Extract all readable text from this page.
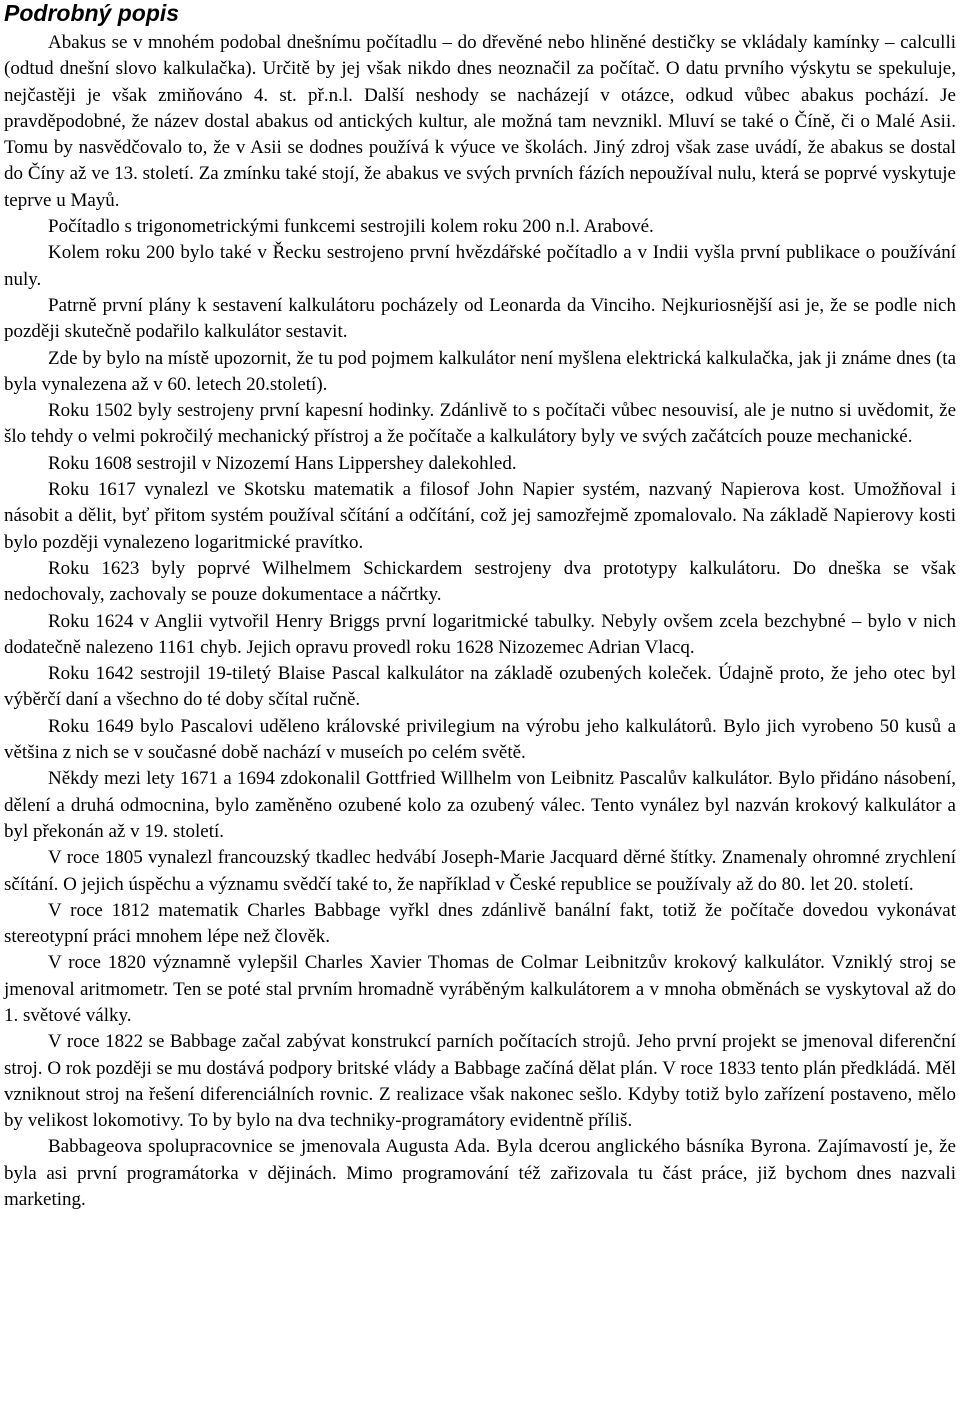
Podrobný popis

Abakus se v mnohém podobal dnešnímu počítadlu – do dřevěné nebo hliněné destičky se vkládaly kamínky – calculli (odtud dnešní slovo kalkulačka). Určitě by jej však nikdo dnes neoznačil za počítač. O datu prvního výskytu se spekuluje, nejčastěji je však zmiňováno 4. st. př.n.l. Další neshody se nacházejí v otázce, odkud vůbec abakus pochází. Je pravděpodobné, že název dostal abakus od antických kultur, ale možná tam nevznikl. Mluví se také o Číně, či o Malé Asii. Tomu by nasvědčovalo to, že v Asii se dodnes používá k výuce ve školách. Jiný zdroj však zase uvádí, že abakus se dostal do Číny až ve 13. století. Za zmínku také stojí, že abakus ve svých prvních fázích nepoužíval nulu, která se poprvé vyskytuje teprve u Mayů.

Počítadlo s trigonometrickými funkcemi sestrojili kolem roku 200 n.l. Arabové.

Kolem roku 200 bylo také v Řecku sestrojeno první hvězdářské počítadlo a v Indii vyšla první publikace o používání nuly.

Patrně první plány k sestavení kalkulátoru pocházely od Leonarda da Vinciho. Nejkuriosnější asi je, že se podle nich později skutečně podařilo kalkulátor sestavit.

Zde by bylo na místě upozornit, že tu pod pojmem kalkulátor není myšlena elektrická kalkulačka, jak ji známe dnes (ta byla vynalezena až v 60. letech 20.století).

Roku 1502 byly sestrojeny první kapesní hodinky. Zdánlivě to s počítači vůbec nesouvisí, ale je nutno si uvědomit, že šlo tehdy o velmi pokročilý mechanický přístroj a že počítače a kalkulátory byly ve svých začátcích pouze mechanické.

Roku 1608 sestrojil v Nizozemí Hans Lippershey dalekohled.

Roku 1617 vynalezl ve Skotsku matematik a filosof John Napier systém, nazvaný Napierova kost. Umožňoval i násobit a dělit, byť přitom systém používal sčítání a odčítání, což jej samozřejmě zpomalovalo. Na základě Napierovy kosti bylo později vynalezeno logaritmické pravítko.

Roku 1623 byly poprvé Wilhelmem Schickardem sestrojeny dva prototypy kalkulátoru. Do dneška se však nedochovaly, zachovaly se pouze dokumentace a náčrtky.

Roku 1624 v Anglii vytvořil Henry Briggs první logaritmické tabulky. Nebyly ovšem zcela bezchybné – bylo v nich dodatečně nalezeno 1161 chyb. Jejich opravu provedl roku 1628 Nizozemec Adrian Vlacq.

Roku 1642 sestrojil 19-tiletý Blaise Pascal kalkulátor na základě ozubených koleček. Údajně proto, že jeho otec byl výběrčí daní a všechno do té doby sčítal ručně.

Roku 1649 bylo Pascalovi uděleno královské privilegium na výrobu jeho kalkulátorů. Bylo jich vyrobeno 50 kusů a většina z nich se v současné době nachází v museích po celém světě.

Někdy mezi lety 1671 a 1694 zdokonalil Gottfried Willhelm von Leibnitz Pascalův kalkulátor. Bylo přidáno násobení, dělení a druhá odmocnina, bylo zaměněno ozubené kolo za ozubený válec. Tento vynález byl nazván krokový kalkulátor a byl překonán až v 19. století.

V roce 1805 vynalezl francouzský tkadlec hedvábí Joseph-Marie Jacquard děrné štítky. Znamenaly ohromné zrychlení sčítání. O jejich úspěchu a významu svědčí také to, že například v České republice se používaly až do 80. let 20. století.

V roce 1812 matematik Charles Babbage vyřkl dnes zdánlivě banální fakt, totiž že počítače dovedou vykonávat stereotypní práci mnohem lépe než člověk.

V roce 1820 významně vylepšil Charles Xavier Thomas de Colmar Leibnitzův krokový kalkulátor. Vzniklý stroj se jmenoval aritmometr. Ten se poté stal prvním hromadně vyráběným kalkulátorem a v mnoha obměnách se vyskytoval až do 1. světové války.

V roce 1822 se Babbage začal zabývat konstrukcí parních počítacích strojů. Jeho první projekt se jmenoval diferenční stroj. O rok později se mu dostává podpory britské vlády a Babbage začíná dělat plán. V roce 1833 tento plán předkládá. Měl vzniknout stroj na řešení diferenciálních rovnic. Z realizace však nakonec sešlo. Kdyby totiž bylo zařízení postaveno, mělo by velikost lokomotivy. To by bylo na dva techniky-programátory evidentně příliš.

Babbageova spolupracovnice se jmenovala Augusta Ada. Byla dcerou anglického básníka Byrona. Zajímavostí je, že byla asi první programátorka v dějinách. Mimo programování též zařizovala tu část práce, již bychom dnes nazvali marketing.
